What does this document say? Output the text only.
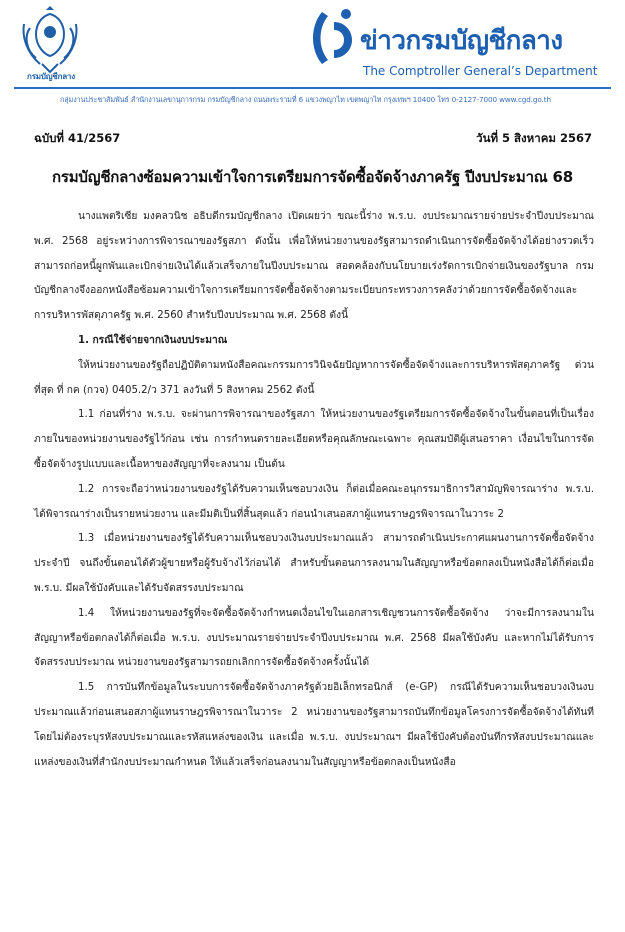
กรมบัญชีกลาง
ข่าวกรมบัญชีกลาง
The Comptroller General’s Department
กลุ่มงานประชาสัมพันธ์ สำนักงานเลขานุการกรม กรมบัญชีกลาง ถนนพระรามที่ 6 แขวงพญาไท เขตพญาไท กรุงเทพฯ 10400 โทร 0-2127-7000 www.cgd.go.th
ฉบับที่ 41/2567	วันที่ 5 สิงหาคม 2567
กรมบัญชีกลางซ้อมความเข้าใจการเตรียมการจัดซื้อจัดจ้างภาครัฐ ปีงบประมาณ 68

นางแพตริเซีย มงคลวนิช อธิบดีกรมบัญชีกลาง เปิดเผยว่า ขณะนี้ร่าง พ.ร.บ. งบประมาณรายจ่ายประจำปีงบประมาณ พ.ศ. 2568 อยู่ระหว่างการพิจารณาของรัฐสภา ดังนั้น เพื่อให้หน่วยงานของรัฐสามารถดำเนินการจัดซื้อจัดจ้างได้อย่างรวดเร็ว สามารถก่อหนี้ผูกพันและเบิกจ่ายเงินได้แล้วเสร็จภายในปีงบประมาณ สอดคล้องกับนโยบายเร่งรัดการเบิกจ่ายเงินของรัฐบาล กรมบัญชีกลางจึงออกหนังสือซ้อมความเข้าใจการเตรียมการจัดซื้อจัดจ้างตามระเบียบกระทรวงการคลังว่าด้วยการจัดซื้อจัดจ้างและการบริหารพัสดุภาครัฐ พ.ศ. 2560 สำหรับปีงบประมาณ พ.ศ. 2568 ดังนี้

1. กรณีใช้จ่ายจากเงินงบประมาณ

ให้หน่วยงานของรัฐถือปฏิบัติตามหนังสือคณะกรรมการวินิจฉัยปัญหาการจัดซื้อจัดจ้างและการบริหารพัสดุภาครัฐ ด่วนที่สุด ที่ กค (กวจ) 0405.2/ว 371 ลงวันที่ 5 สิงหาคม 2562 ดังนี้

1.1 ก่อนที่ร่าง พ.ร.บ. จะผ่านการพิจารณาของรัฐสภา ให้หน่วยงานของรัฐเตรียมการจัดซื้อจัดจ้างในขั้นตอนที่เป็นเรื่องภายในของหน่วยงานของรัฐไว้ก่อน เช่น การกำหนดรายละเอียดหรือคุณลักษณะเฉพาะ คุณสมบัติผู้เสนอราคา เงื่อนไขในการจัดซื้อจัดจ้างรูปแบบและเนื้อหาของสัญญาที่จะลงนาม เป็นต้น

1.2 การจะถือว่าหน่วยงานของรัฐได้รับความเห็นชอบวงเงิน ก็ต่อเมื่อคณะอนุกรรมาธิการวิสามัญพิจารณาร่าง พ.ร.บ. ได้พิจารณาร่างเป็นรายหน่วยงาน และมีมติเป็นที่สิ้นสุดแล้ว ก่อนนำเสนอสภาผู้แทนราษฎรพิจารณาในวาระ 2

1.3 เมื่อหน่วยงานของรัฐได้รับความเห็นชอบวงเงินงบประมาณแล้ว สามารถดำเนินประกาศแผนงานการจัดซื้อจัดจ้างประจำปี จนถึงขั้นตอนได้ตัวผู้ขายหรือผู้รับจ้างไว้ก่อนได้ สำหรับขั้นตอนการลงนามในสัญญาหรือข้อตกลงเป็นหนังสือได้ก็ต่อเมื่อ พ.ร.บ. มีผลใช้บังคับและได้รับจัดสรรงบประมาณ

1.4 ให้หน่วยงานของรัฐที่จะจัดซื้อจัดจ้างกำหนดเงื่อนไขในเอกสารเชิญชวนการจัดซื้อจัดจ้าง ว่าจะมีการลงนามในสัญญาหรือข้อตกลงได้ก็ต่อเมื่อ พ.ร.บ. งบประมาณรายจ่ายประจำปีงบประมาณ พ.ศ. 2568 มีผลใช้บังคับ และหากไม่ได้รับการจัดสรรงบประมาณ หน่วยงานของรัฐสามารถยกเลิกการจัดซื้อจัดจ้างครั้งนั้นได้

1.5 การบันทึกข้อมูลในระบบการจัดซื้อจัดจ้างภาครัฐด้วยอิเล็กทรอนิกส์ (e-GP) กรณีได้รับความเห็นชอบวงเงินงบประมาณแล้วก่อนเสนอสภาผู้แทนราษฎรพิจารณาในวาระ 2 หน่วยงานของรัฐสามารถบันทึกข้อมูลโครงการจัดซื้อจัดจ้างได้ทันที โดยไม่ต้องระบุรหัสงบประมาณและรหัสแหล่งของเงิน และเมื่อ พ.ร.บ. งบประมาณฯ มีผลใช้บังคับต้องบันทึกรหัสงบประมาณและแหล่งของเงินที่สำนักงบประมาณกำหนด ให้แล้วเสร็จก่อนลงนามในสัญญาหรือข้อตกลงเป็นหนังสือ
